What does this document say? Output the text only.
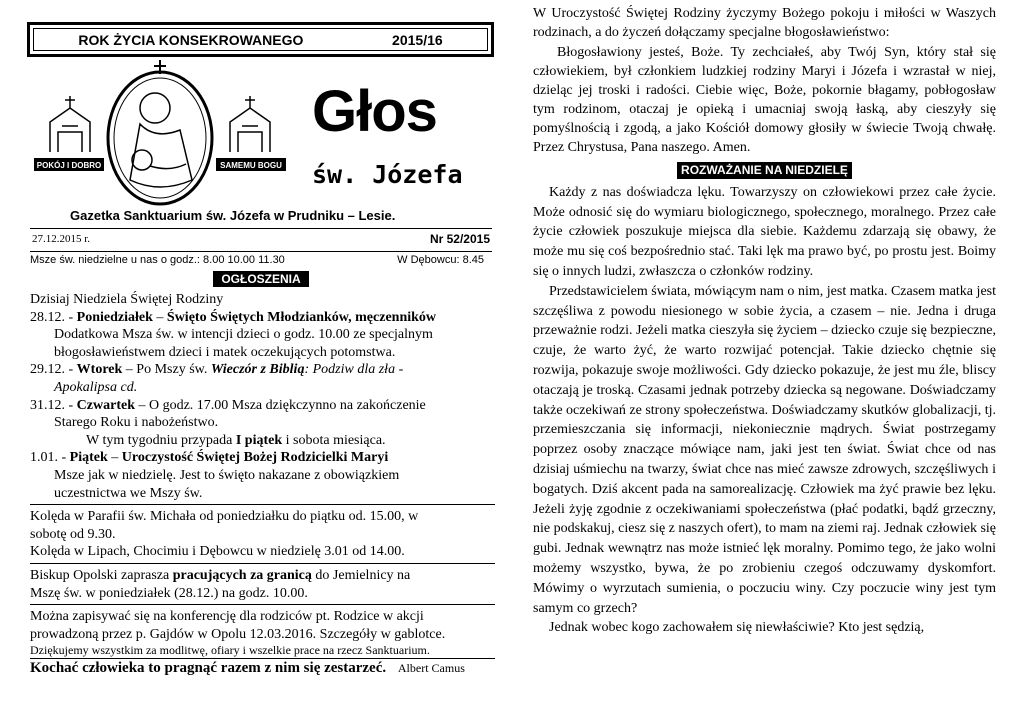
ROK ŻYCIA KONSEKROWANEGO	2015/16
POKÓJ I DOBRO	SAMEMU BOGU
Głos
św. Józefa
Gazetka Sanktuarium św. Józefa w Prudniku – Lesie.
27.12.2015 r.	Nr 52/2015
Msze św. niedzielne u nas o godz.: 8.00 10.00 11.30	W Dębowcu: 8.45
OGŁOSZENIA

Dzisiaj Niedziela Świętej Rodziny

28.12. - Poniedziałek – Święto Świętych Młodzianków, męczenników

Dodatkowa Msza św. w intencji dzieci o godz. 10.00 ze specjalnym

błogosławieństwem dzieci i matek oczekujących potomstwa.

29.12. - Wtorek – Po Mszy św. Wieczór z Biblią: Podziw dla zła -

Apokalipsa cd.

31.12. - Czwartek – O godz. 17.00 Msza dziękczynno na zakończenie

Starego Roku i nabożeństwo.

W tym tygodniu przypada I piątek i sobota miesiąca.

1.01. - Piątek – Uroczystość Świętej Bożej Rodzicielki Maryi

Msze jak w niedzielę. Jest to święto nakazane z obowiązkiem

uczestnictwa we Mszy św.

Kolęda w Parafii św. Michała od poniedziałku do piątku od. 15.00, w

sobotę od 9.30.

Kolęda w Lipach, Chocimiu i Dębowcu w niedzielę 3.01 od 14.00.

Biskup Opolski zaprasza pracujących za granicą do Jemielnicy na

Mszę św. w poniedziałek (28.12.) na godz. 10.00.

Można zapisywać się na konferencję dla rodziców pt. Rodzice w akcji

prowadzoną przez p. Gajdów w Opolu 12.03.2016. Szczegóły w gablotce.

Dziękujemy wszystkim za modlitwę, ofiary i wszelkie prace na rzecz Sanktuarium.

Kochać człowieka to pragnąć razem z nim się zestarzeć. Albert Camus

W Uroczystość Świętej Rodziny życzymy Bożego pokoju i miłości w Waszych rodzinach, a do życzeń dołączamy specjalne błogosławieństwo:

Błogosławiony jesteś, Boże. Ty zechciałeś, aby Twój Syn, który stał się człowiekiem, był członkiem ludzkiej rodziny Maryi i Józefa i wzrastał w niej, dzieląc jej troski i radości. Ciebie więc, Boże, pokornie błagamy, pobłogosław tym rodzinom, otaczaj je opieką i umacniaj swoją łaską, aby cieszyły się pomyślnością i zgodą, a jako Kościół domowy głosiły w świecie Twoją chwałę. Przez Chrystusa, Pana naszego. Amen.

ROZWAŻANIE NA NIEDZIELĘ

Każdy z nas doświadcza lęku. Towarzyszy on człowiekowi przez całe życie. Może odnosić się do wymiaru biologicznego, społecznego, moralnego. Przez całe życie człowiek poszukuje miejsca dla siebie. Każdemu zdarzają się obawy, że może mu się coś bezpośrednio stać. Taki lęk ma prawo być, po prostu jest. Boimy się o innych ludzi, zwłaszcza o członków rodziny.

Przedstawicielem świata, mówiącym nam o nim, jest matka. Czasem matka jest szczęśliwa z powodu niesionego w sobie życia, a czasem – nie. Jedna i druga przeważnie rodzi. Jeżeli matka cieszyła się życiem – dziecko czuje się bezpieczne, czuje, że warto żyć, że warto rozwijać potencjał. Takie dziecko chętnie się rozwija, pokazuje swoje możliwości. Gdy dziecko pokazuje, że jest mu źle, bliscy otaczają je troską. Czasami jednak potrzeby dziecka są negowane. Doświadczamy także oczekiwań ze strony społeczeństwa. Doświadczamy skutków globalizacji, tj. przemieszczania się informacji, niekoniecznie mądrych. Świat postrzegamy poprzez osoby znaczące mówiące nam, jaki jest ten świat. Świat chce od nas dzisiaj uśmiechu na twarzy, świat chce nas mieć zawsze zdrowych, szczęśliwych i bogatych. Dziś akcent pada na samorealizację. Człowiek ma żyć prawie bez lęku. Jeżeli żyję zgodnie z oczekiwaniami społeczeństwa (płać podatki, bądź grzeczny, nie podskakuj, ciesz się z naszych ofert), to mam na ziemi raj. Jednak człowiek się gubi. Jednak wewnątrz nas może istnieć lęk moralny. Pomimo tego, że jako wolni możemy wszystko, bywa, że po zrobieniu czegoś odczuwamy dyskomfort. Mówimy o wyrzutach sumienia, o poczuciu winy. Czy poczucie winy jest tym samym co grzech?

Jednak wobec kogo zachowałem się niewłaściwie? Kto jest sędzią,
